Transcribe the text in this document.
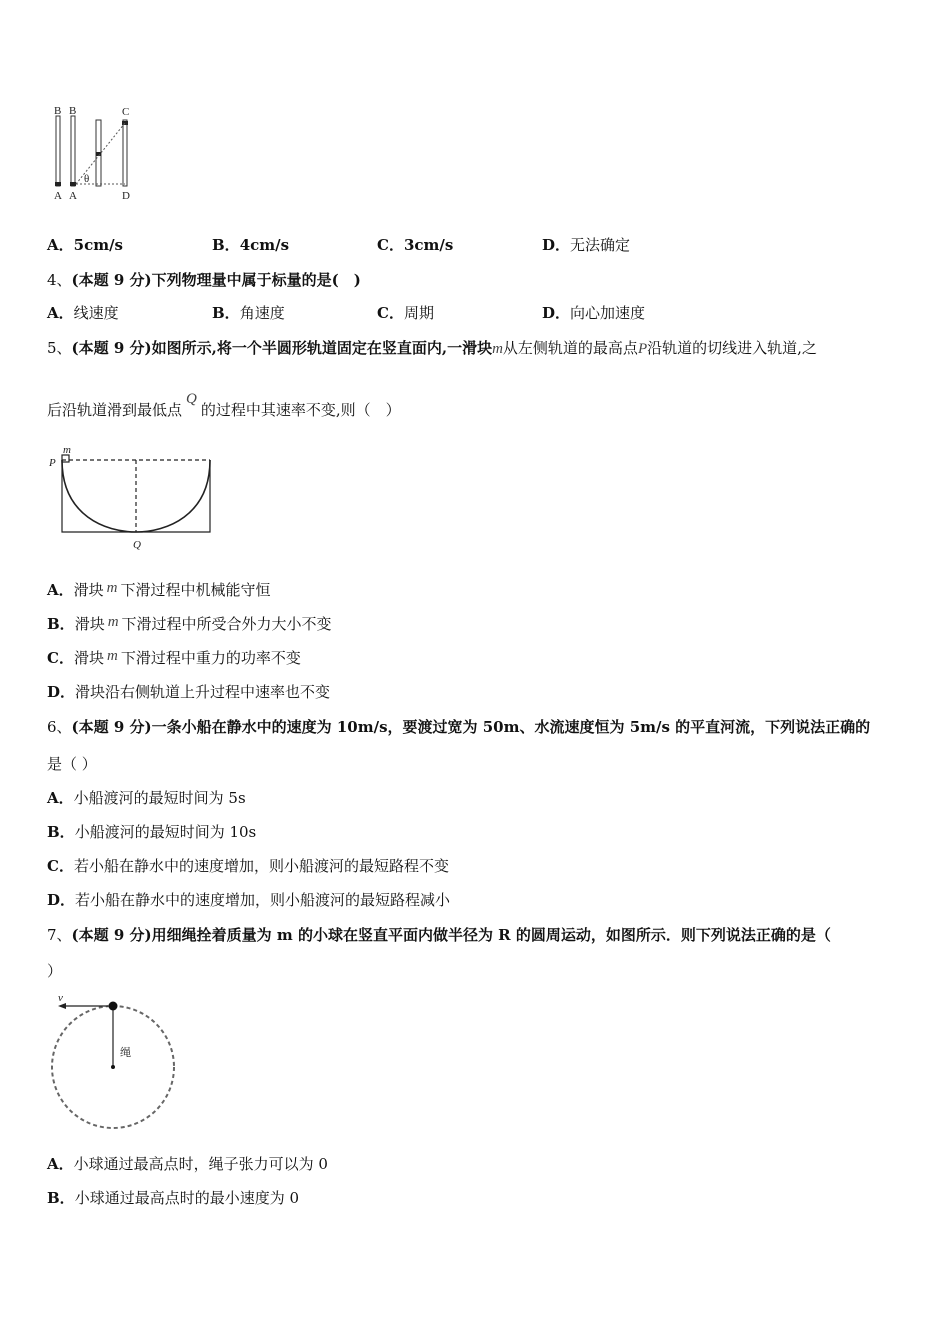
B B	C
A A	D
θ
A．5cm/s	B．4cm/s	C．3cm/s	D．无法确定
4、(本题 9 分)下列物理量中属于标量的是(　)
A．线速度	B．角速度	C．周期	D．向心加速度
5、(本题 9 分)如图所示,将一个半圆形轨道固定在竖直面内,一滑块m从左侧轨道的最高点P沿轨道的切线进入轨道,之
后沿轨道滑到最低点Q的过程中其速率不变,则（　）
P
m
Q
A．滑块 m 下滑过程中机械能守恒
B．滑块 m 下滑过程中所受合外力大小不变
C．滑块 m 下滑过程中重力的功率不变
D．滑块沿右侧轨道上升过程中速率也不变
6、(本题 9 分)一条小船在静水中的速度为 10m/s，要渡过宽为 50m、水流速度恒为 5m/s 的平直河流，下列说法正确的
是（ ）
A．小船渡河的最短时间为 5s
B．小船渡河的最短时间为 10s
C．若小船在静水中的速度增加，则小船渡河的最短路程不变
D．若小船在静水中的速度增加，则小船渡河的最短路程减小
7、(本题 9 分)用细绳拴着质量为 m 的小球在竖直平面内做半径为 R 的圆周运动，如图所示．则下列说法正确的是（
）
v
绳
A．小球通过最高点时，绳子张力可以为 0
B．小球通过最高点时的最小速度为 0
